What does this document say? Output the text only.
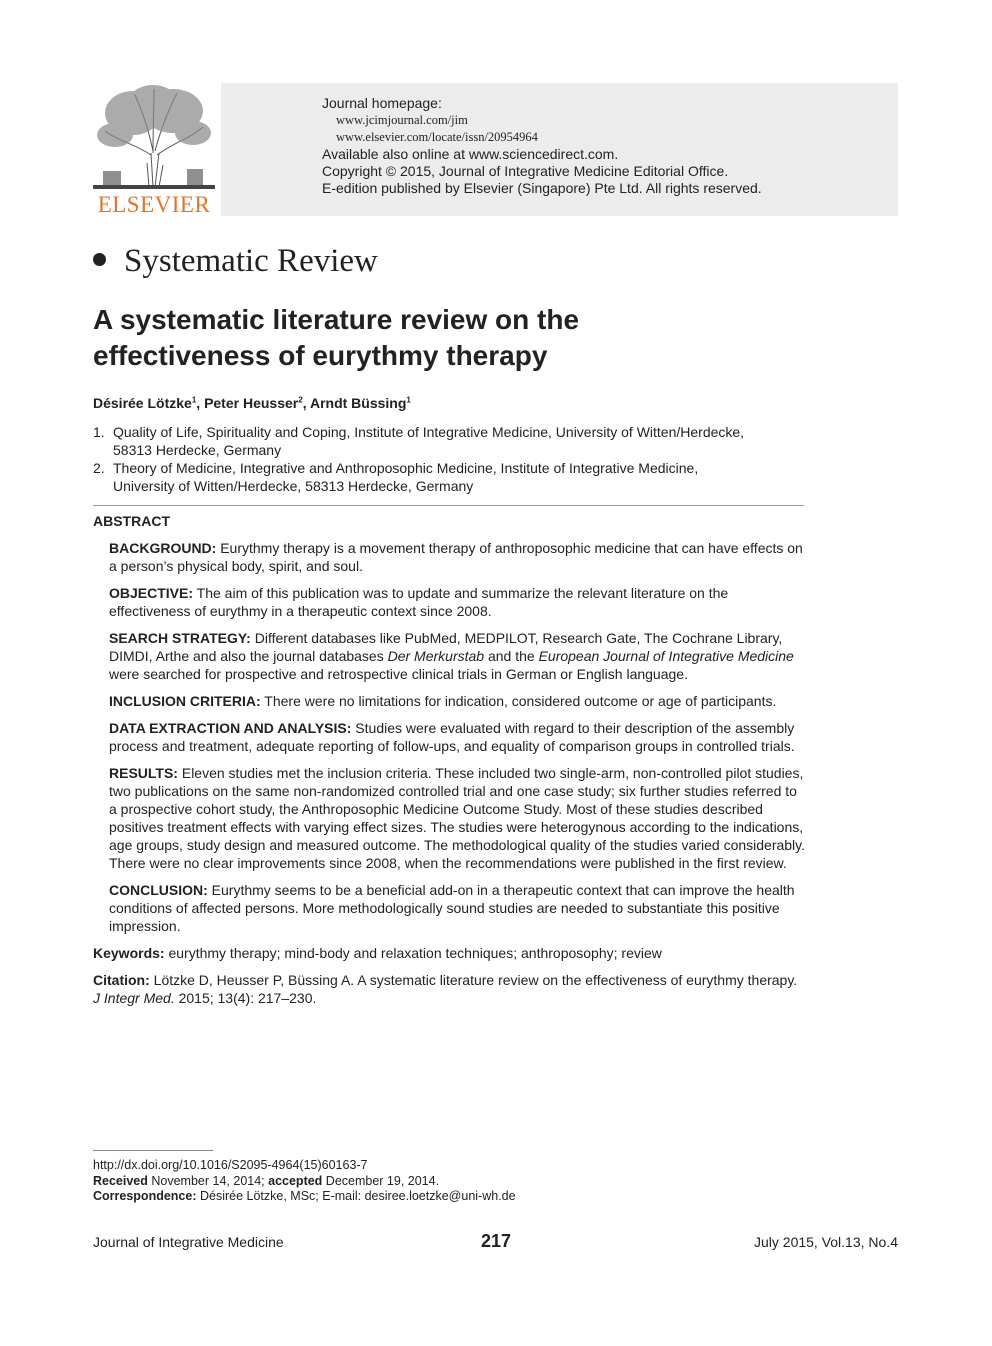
ELSEVIER
Journal homepage:
www.jcimjournal.com/jim
www.elsevier.com/locate/issn/20954964
Available also online at www.sciencedirect.com.
Copyright © 2015, Journal of Integrative Medicine Editorial Office.
E-edition published by Elsevier (Singapore) Pte Ltd. All rights reserved.
Systematic Review
A systematic literature review on the
effectiveness of eurythmy therapy
Désirée Lötzke$^1$, Peter Heusser$^2$, Arndt Büssing$^1$
1. Quality of Life, Spirituality and Coping, Institute of Integrative Medicine, University of Witten/Herdecke,
58313 Herdecke, Germany
2. Theory of Medicine, Integrative and Anthroposophic Medicine, Institute of Integrative Medicine,
University of Witten/Herdecke, 58313 Herdecke, Germany
ABSTRACT
BACKGROUND: Eurythmy therapy is a movement therapy of anthroposophic medicine that can have effects on a person’s physical body, spirit, and soul.
OBJECTIVE: The aim of this publication was to update and summarize the relevant literature on the effectiveness of eurythmy in a therapeutic context since 2008.
SEARCH STRATEGY: Different databases like PubMed, MEDPILOT, Research Gate, The Cochrane Library, DIMDI, Arthe and also the journal databases Der Merkurstab and the European Journal of Integrative Medicine were searched for prospective and retrospective clinical trials in German or English language.
INCLUSION CRITERIA: There were no limitations for indication, considered outcome or age of participants.
DATA EXTRACTION AND ANALYSIS: Studies were evaluated with regard to their description of the assembly process and treatment, adequate reporting of follow-ups, and equality of comparison groups in controlled trials.
RESULTS: Eleven studies met the inclusion criteria. These included two single-arm, non-controlled pilot studies, two publications on the same non-randomized controlled trial and one case study; six further studies referred to a prospective cohort study, the Anthroposophic Medicine Outcome Study. Most of these studies described positives treatment effects with varying effect sizes. The studies were heterogynous according to the indications, age groups, study design and measured outcome. The methodological quality of the studies varied considerably. There were no clear improvements since 2008, when the recommendations were published in the first review.
CONCLUSION: Eurythmy seems to be a beneficial add-on in a therapeutic context that can improve the health conditions of affected persons. More methodologically sound studies are needed to substantiate this positive impression.
Keywords: eurythmy therapy; mind-body and relaxation techniques; anthroposophy; review
Citation: Lötzke D, Heusser P, Büssing A. A systematic literature review on the effectiveness of eurythmy therapy. J Integr Med. 2015; 13(4): 217–230.
http://dx.doi.org/10.1016/S2095-4964(15)60163-7
Received November 14, 2014; accepted December 19, 2014.
Correspondence: Désirée Lötzke, MSc; E-mail: desiree.loetzke@uni-wh.de
Journal of Integrative Medicine	217	July 2015, Vol.13, No.4
